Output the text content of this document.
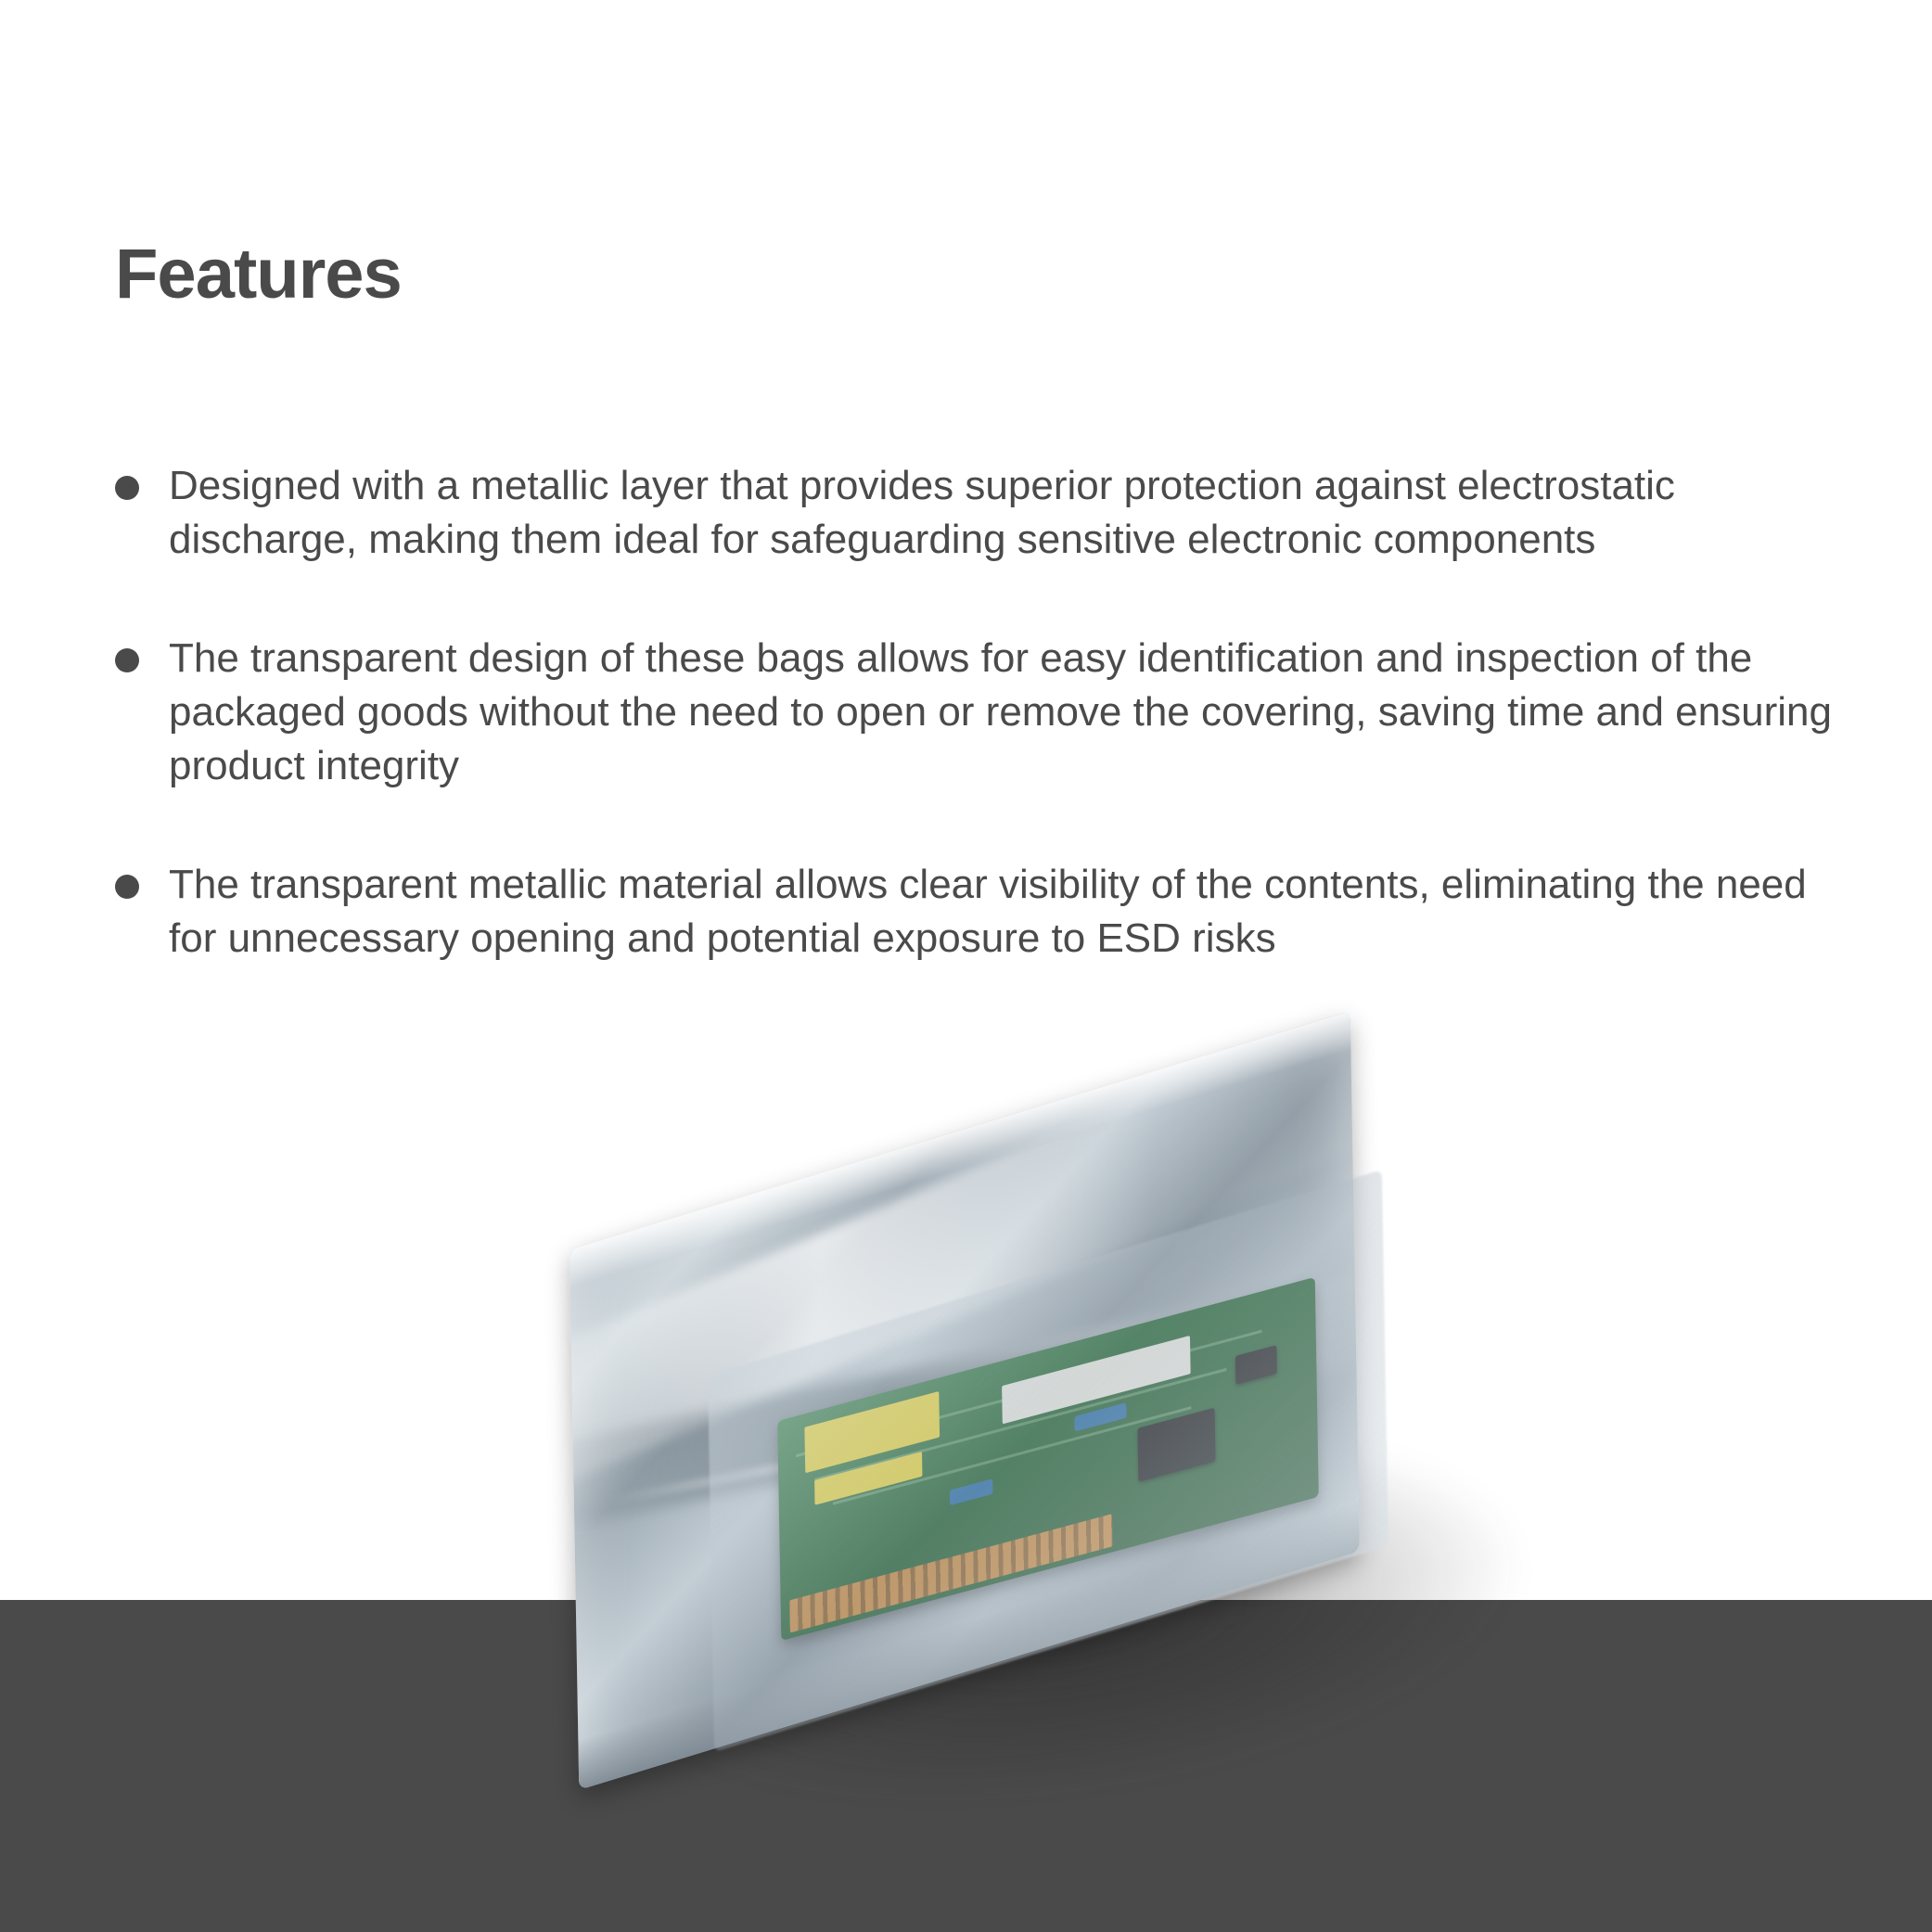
Features
Designed with a metallic layer that provides superior protection against electrostatic discharge, making them ideal for safeguarding sensitive electronic components
The transparent design of these bags allows for easy identification and inspection of the packaged goods without the need to open or remove the covering, saving time and ensuring product integrity
The transparent metallic material allows clear visibility of the contents, eliminating the need for unnecessary opening and potential exposure to ESD risks
